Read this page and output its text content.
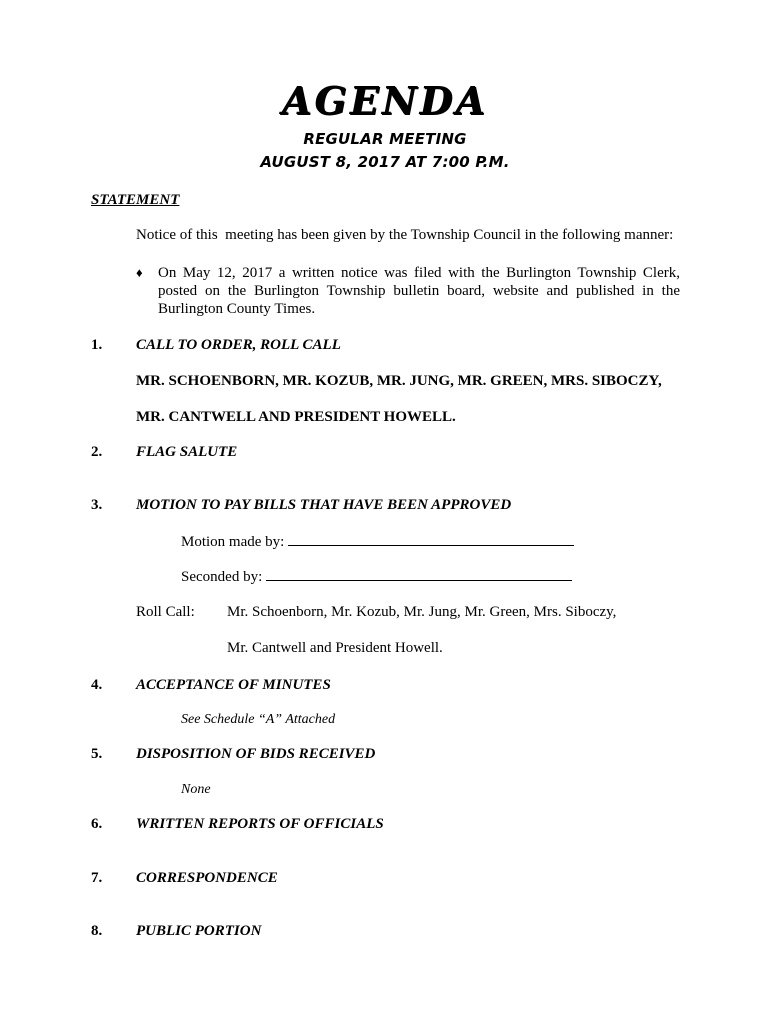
AGENDA
REGULAR MEETING
AUGUST 8, 2017 AT 7:00 P.M.
STATEMENT
Notice of this  meeting has been given by the Township Council in the following manner:
♦ On May 12, 2017 a written notice was filed with the Burlington Township Clerk, posted on the Burlington Township bulletin board, website and published in the Burlington County Times.
1. CALL TO ORDER, ROLL CALL
MR. SCHOENBORN, MR. KOZUB, MR. JUNG, MR. GREEN, MRS. SIBOCZY,
MR. CANTWELL AND PRESIDENT HOWELL.
2. FLAG SALUTE
3. MOTION TO PAY BILLS THAT HAVE BEEN APPROVED
Motion made by:
Seconded by:
Roll Call: Mr. Schoenborn, Mr. Kozub, Mr. Jung, Mr. Green, Mrs. Siboczy,
Mr. Cantwell and President Howell.
4. ACCEPTANCE OF MINUTES
See Schedule “A” Attached
5. DISPOSITION OF BIDS RECEIVED
None
6. WRITTEN REPORTS OF OFFICIALS
7. CORRESPONDENCE
8. PUBLIC PORTION
